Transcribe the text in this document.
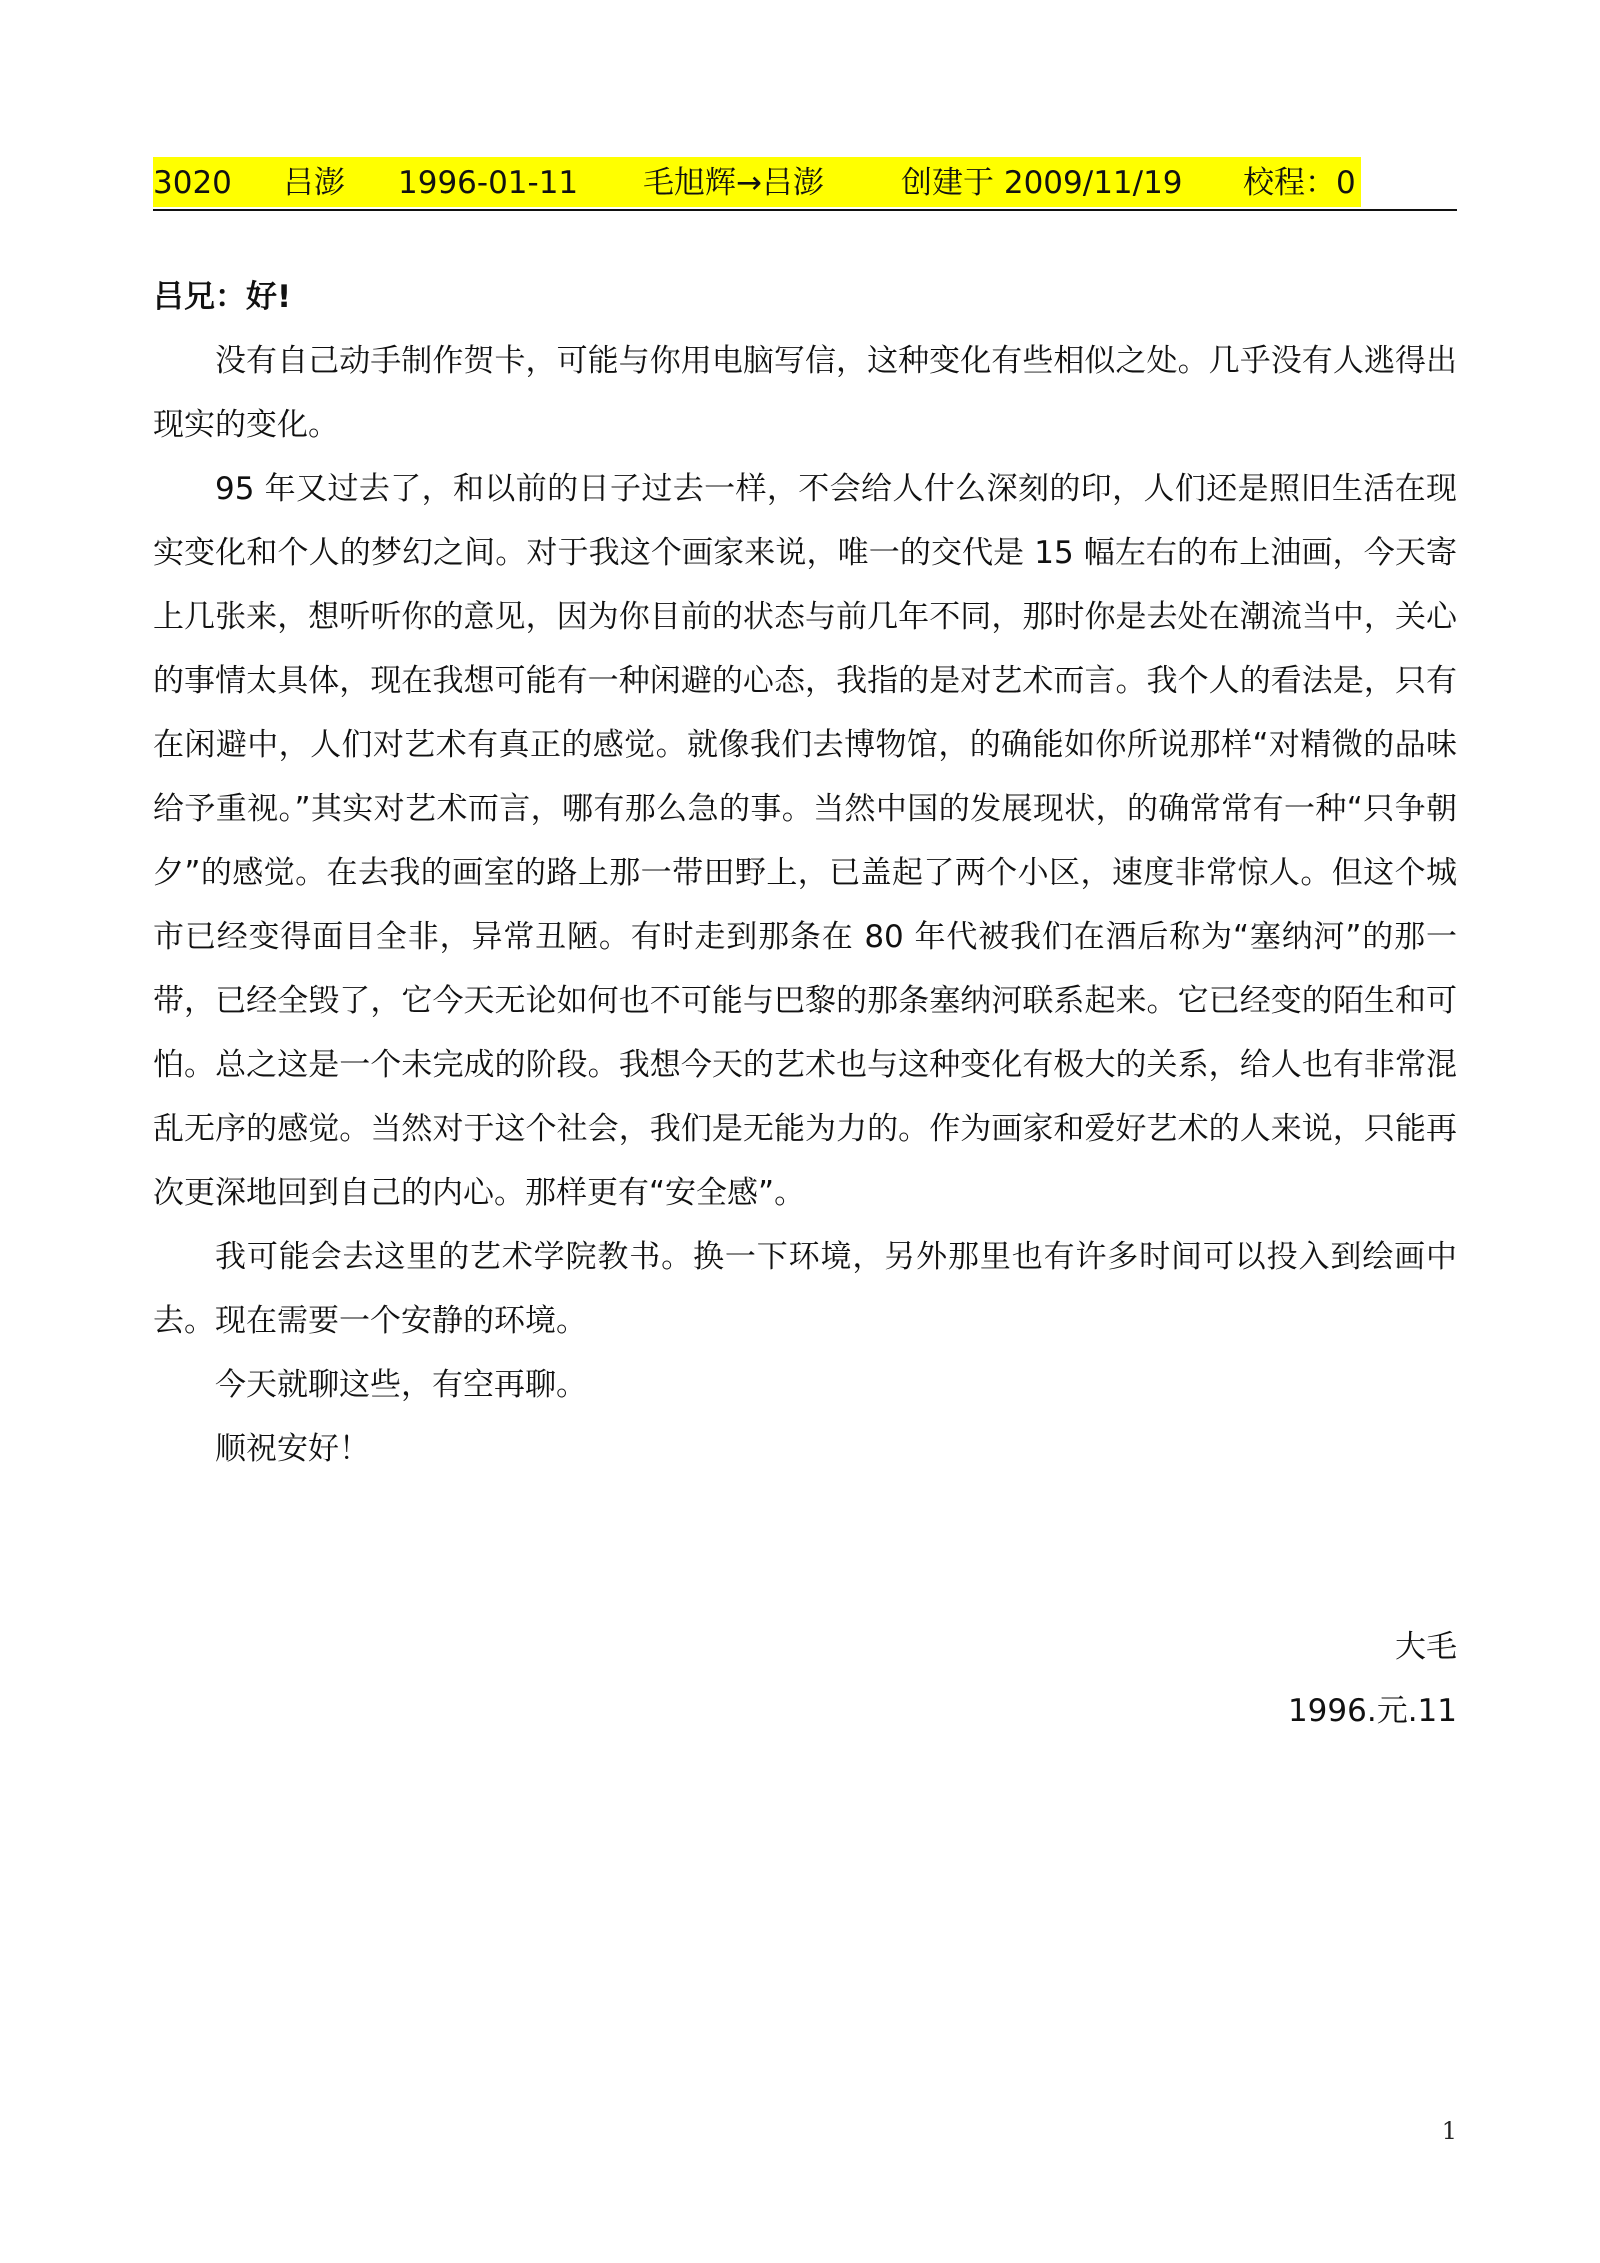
3020 吕澎 1996-01-11 毛旭辉→吕澎 创建于 2009/11/19 校程：0

吕兄：好!

没有自己动手制作贺卡，可能与你用电脑写信，这种变化有些相似之处。几乎没有人逃得出现实的变化。

95 年又过去了，和以前的日子过去一样，不会给人什么深刻的印，人们还是照旧生活在现实变化和个人的梦幻之间。对于我这个画家来说，唯一的交代是 15 幅左右的布上油画，今天寄上几张来，想听听你的意见，因为你目前的状态与前几年不同，那时你是去处在潮流当中，关心的事情太具体，现在我想可能有一种闲避的心态，我指的是对艺术而言。我个人的看法是，只有在闲避中，人们对艺术有真正的感觉。就像我们去博物馆，的确能如你所说那样“对精微的品味给予重视。”其实对艺术而言，哪有那么急的事。当然中国的发展现状，的确常常有一种“只争朝夕”的感觉。在去我的画室的路上那一带田野上，已盖起了两个小区，速度非常惊人。但这个城市已经变得面目全非，异常丑陋。有时走到那条在 80 年代被我们在酒后称为“塞纳河”的那一带，已经全毁了，它今天无论如何也不可能与巴黎的那条塞纳河联系起来。它已经变的陌生和可怕。总之这是一个未完成的阶段。我想今天的艺术也与这种变化有极大的关系，给人也有非常混乱无序的感觉。当然对于这个社会，我们是无能为力的。作为画家和爱好艺术的人来说，只能再次更深地回到自己的内心。那样更有“安全感”。

我可能会去这里的艺术学院教书。换一下环境，另外那里也有许多时间可以投入到绘画中去。现在需要一个安静的环境。

今天就聊这些，有空再聊。

顺祝安好！

大毛
1996.元.11
1
